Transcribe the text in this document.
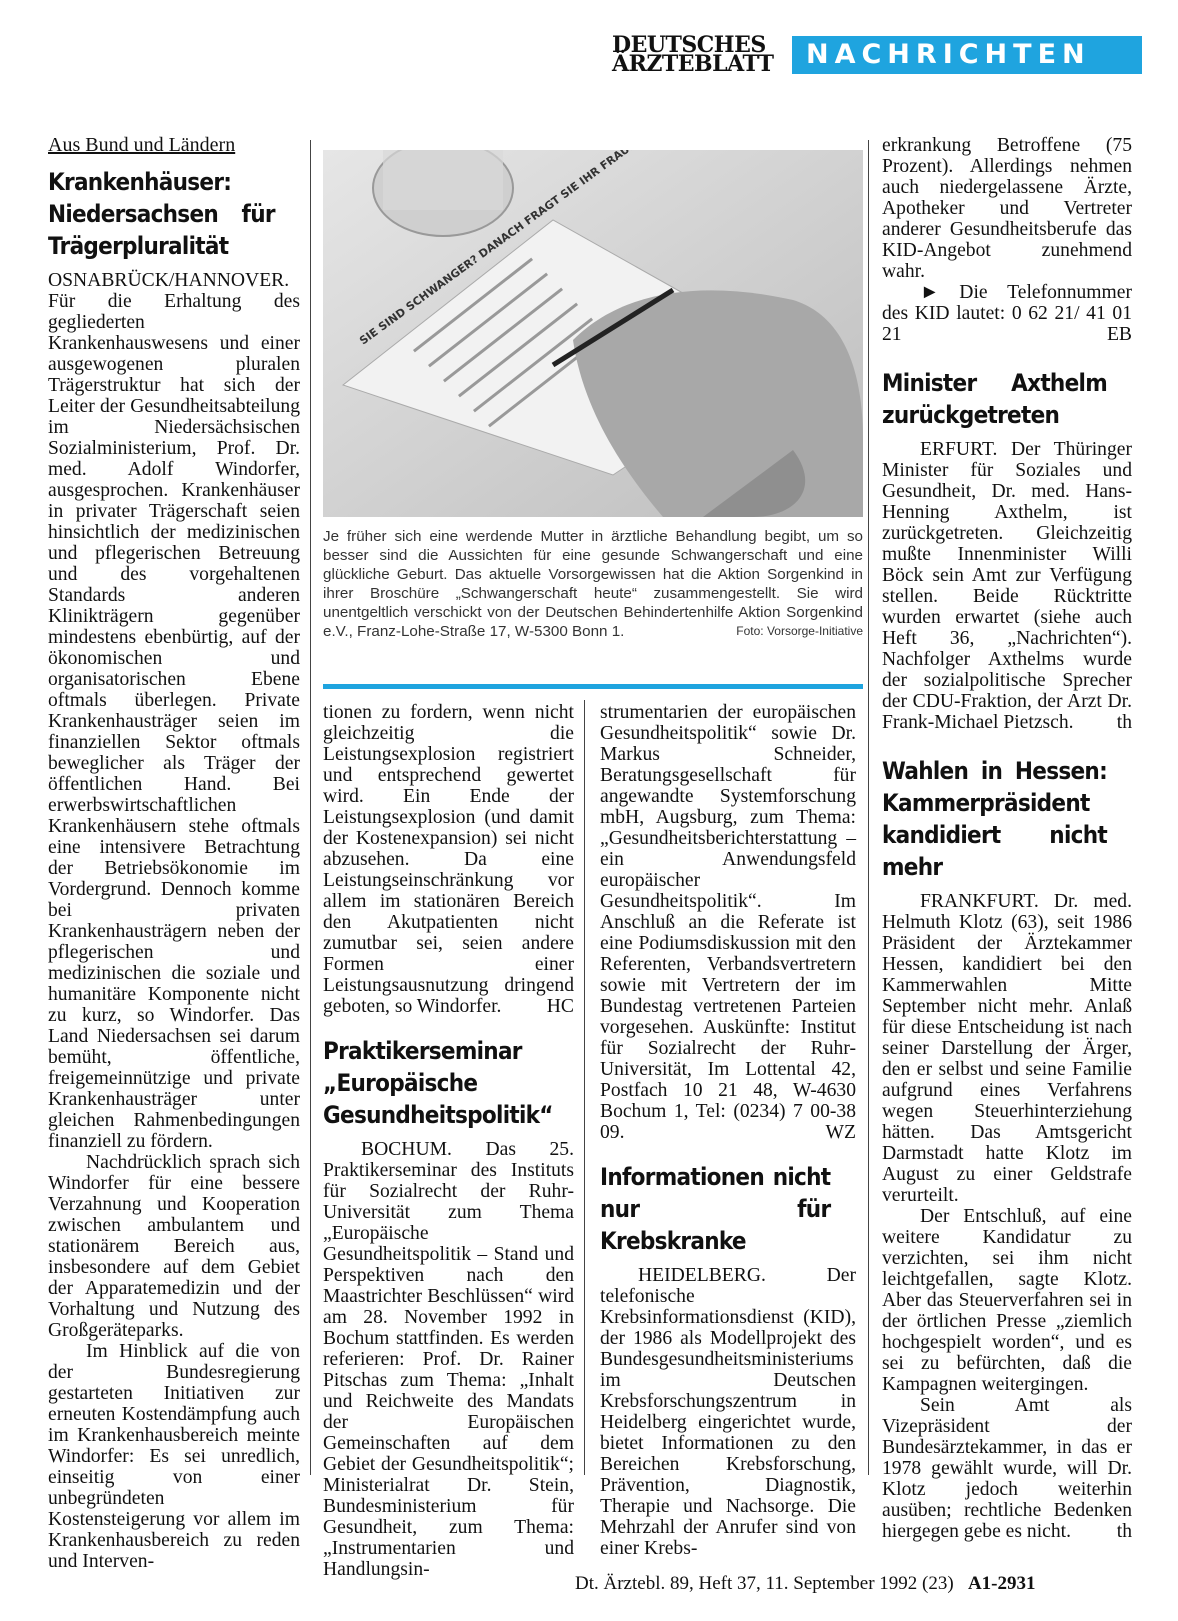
DEUTSCHES
ÄRZTEBLATT	NACHRICHTEN
Aus Bund und Ländern
Krankenhäuser: Niedersachsen für Trägerpluralität

OSNABRÜCK/HANNOVER. Für die Erhaltung des gegliederten Krankenhauswesens und einer ausgewogenen pluralen Trägerstruktur hat sich der Leiter der Gesundheitsabteilung im Niedersächsischen Sozialministerium, Prof. Dr. med. Adolf Windorfer, ausgesprochen. Krankenhäuser in privater Trägerschaft seien hinsichtlich der medizinischen und pflegerischen Betreuung und des vorgehaltenen Standards anderen Klinikträgern gegenüber mindestens ebenbürtig, auf der ökonomischen und organisatorischen Ebene oftmals überlegen. Private Krankenhausträger seien im finanziellen Sektor oftmals beweglicher als Träger der öffentlichen Hand. Bei erwerbswirtschaftlichen Krankenhäusern stehe oftmals eine intensivere Betrachtung der Betriebsökonomie im Vordergrund. Dennoch komme bei privaten Krankenhausträgern neben der pflegerischen und medizinischen die soziale und humanitäre Komponente nicht zu kurz, so Windorfer. Das Land Niedersachsen sei darum bemüht, öffentliche, freigemeinnützige und private Krankenhausträger unter gleichen Rahmenbedingungen finanziell zu fördern.

Nachdrücklich sprach sich Windorfer für eine bessere Verzahnung und Kooperation zwischen ambulantem und stationärem Bereich aus, insbesondere auf dem Gebiet der Apparatemedizin und der Vorhaltung und Nutzung des Großgeräteparks.

Im Hinblick auf die von der Bundesregierung gestarteten Initiativen zur erneuten Kostendämpfung auch im Krankenhausbereich meinte Windorfer: Es sei unredlich, einseitig von einer unbegründeten Kostensteigerung vor allem im Krankenhausbereich zu reden und Interven-

Je früher sich eine werdende Mutter in ärztliche Behandlung begibt, um so besser sind die Aussichten für eine gesunde Schwangerschaft und eine glückliche Geburt. Das aktuelle Vorsorgewissen hat die Aktion Sorgenkind in ihrer Broschüre „Schwangerschaft heute“ zusammengestellt. Sie wird unentgeltlich verschickt von der Deutschen Behindertenhilfe Aktion Sorgenkind e.V., Franz-Lohe-Straße 17, W-5300 Bonn 1.	Foto: Vorsorge-Initiative

tionen zu fordern, wenn nicht gleichzeitig die Leistungsexplosion registriert und entsprechend gewertet wird. Ein Ende der Leistungsexplosion (und damit der Kostenexpansion) sei nicht abzusehen. Da eine Leistungseinschränkung vor allem im stationären Bereich den Akutpatienten nicht zumutbar sei, seien andere Formen einer Leistungsausnutzung dringend geboten, so Windorfer. HC

Praktikerseminar „Europäische Gesundheitspolitik“

BOCHUM. Das 25. Praktikerseminar des Instituts für Sozialrecht der Ruhr-Universität zum Thema „Europäische Gesundheitspolitik – Stand und Perspektiven nach den Maastrichter Beschlüssen“ wird am 28. November 1992 in Bochum stattfinden. Es werden referieren: Prof. Dr. Rainer Pitschas zum Thema: „Inhalt und Reichweite des Mandats der Europäischen Gemeinschaften auf dem Gebiet der Gesundheitspolitik“; Ministerialrat Dr. Stein, Bundesministerium für Gesundheit, zum Thema: „Instrumentarien und Handlungsin-

strumentarien der europäischen Gesundheitspolitik“ sowie Dr. Markus Schneider, Beratungsgesellschaft für angewandte Systemforschung mbH, Augsburg, zum Thema: „Gesundheitsberichterstattung – ein Anwendungsfeld europäischer Gesundheitspolitik“. Im Anschluß an die Referate ist eine Podiumsdiskussion mit den Referenten, Verbandsvertretern sowie mit Vertretern der im Bundestag vertretenen Parteien vorgesehen. Auskünfte: Institut für Sozialrecht der Ruhr-Universität, Im Lottental 42, Postfach 10 21 48, W-4630 Bochum 1, Tel: (0234) 7 00-38 09.	WZ

Informationen nicht nur für Krebskranke

HEIDELBERG. Der telefonische Krebsinformationsdienst (KID), der 1986 als Modellprojekt des Bundesgesundheitsministeriums im Deutschen Krebsforschungszentrum in Heidelberg eingerichtet wurde, bietet Informationen zu den Bereichen Krebsforschung, Prävention, Diagnostik, Therapie und Nachsorge. Die Mehrzahl der Anrufer sind von einer Krebs-

erkrankung Betroffene (75 Prozent). Allerdings nehmen auch niedergelassene Ärzte, Apotheker und Vertreter anderer Gesundheitsberufe das KID-Angebot zunehmend wahr.

► Die Telefonnummer des KID lautet: 0 62 21/ 41 01 21	EB

Minister Axthelm zurückgetreten

ERFURT. Der Thüringer Minister für Soziales und Gesundheit, Dr. med. Hans-Henning Axthelm, ist zurückgetreten. Gleichzeitig mußte Innenminister Willi Böck sein Amt zur Verfügung stellen. Beide Rücktritte wurden erwartet (siehe auch Heft 36, „Nachrichten“). Nachfolger Axthelms wurde der sozialpolitische Sprecher der CDU-Fraktion, der Arzt Dr. Frank-Michael Pietzsch.	th

Wahlen in Hessen: Kammerpräsident kandidiert nicht mehr

FRANKFURT. Dr. med. Helmuth Klotz (63), seit 1986 Präsident der Ärztekammer Hessen, kandidiert bei den Kammerwahlen Mitte September nicht mehr. Anlaß für diese Entscheidung ist nach seiner Darstellung der Ärger, den er selbst und seine Familie aufgrund eines Verfahrens wegen Steuerhinterziehung hätten. Das Amtsgericht Darmstadt hatte Klotz im August zu einer Geldstrafe verurteilt.

Der Entschluß, auf eine weitere Kandidatur zu verzichten, sei ihm nicht leichtgefallen, sagte Klotz. Aber das Steuerverfahren sei in der örtlichen Presse „ziemlich hochgespielt worden“, und es sei zu befürchten, daß die Kampagnen weitergingen.

Sein Amt als Vizepräsident der Bundesärztekammer, in das er 1978 gewählt wurde, will Dr. Klotz jedoch weiterhin ausüben; rechtliche Bedenken hiergegen gebe es nicht.	th

Dt. Ärztebl. 89, Heft 37, 11. September 1992 (23) A1-2931
